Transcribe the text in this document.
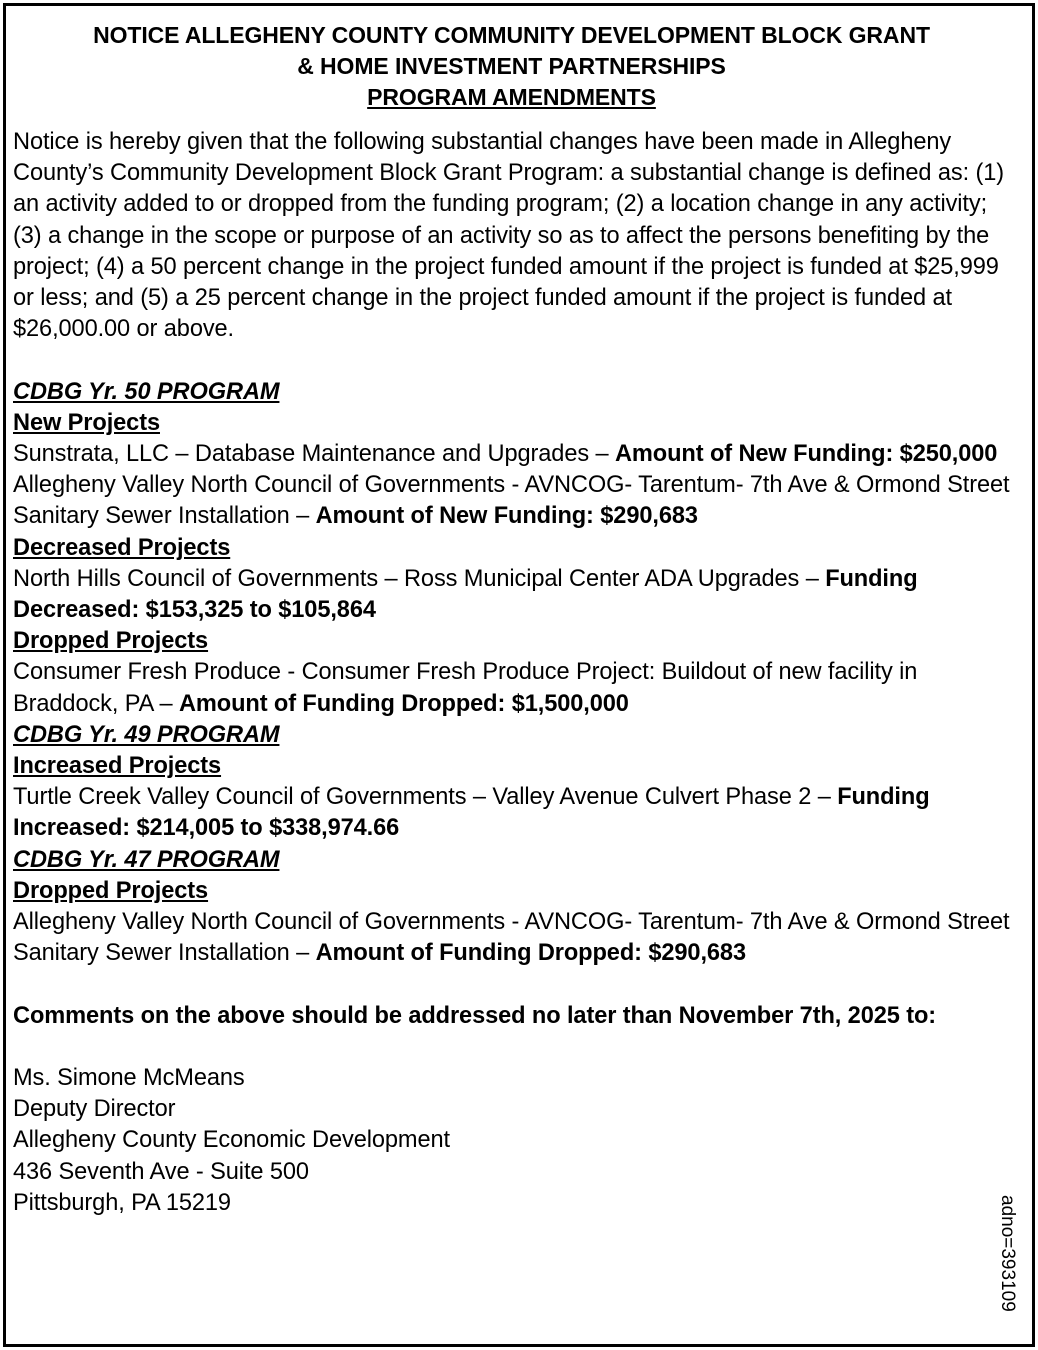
NOTICE ALLEGHENY COUNTY COMMUNITY DEVELOPMENT BLOCK GRANT
& HOME INVESTMENT PARTNERSHIPS
PROGRAM AMENDMENTS

Notice is hereby given that the following substantial changes have been made in Allegheny County’s Community Development Block Grant Program: a substantial change is defined as: (1) an activity added to or dropped from the funding program; (2) a location change in any activity; (3) a change in the scope or purpose of an activity so as to affect the persons benefiting by the project; (4) a 50 percent change in the project funded amount if the project is funded at $25,999 or less; and (5) a 25 percent change in the project funded amount if the project is funded at $26,000.00 or above.

CDBG Yr. 50 PROGRAM
New Projects

Sunstrata, LLC – Database Maintenance and Upgrades – Amount of New Funding: $250,000

Allegheny Valley North Council of Governments - AVNCOG- Tarentum- 7th Ave & Ormond Street Sanitary Sewer Installation – Amount of New Funding: $290,683

Decreased Projects

North Hills Council of Governments – Ross Municipal Center ADA Upgrades – Funding Decreased: $153,325 to $105,864

Dropped Projects

Consumer Fresh Produce - Consumer Fresh Produce Project: Buildout of new facility in Braddock, PA – Amount of Funding Dropped: $1,500,000

CDBG Yr. 49 PROGRAM
Increased Projects

Turtle Creek Valley Council of Governments – Valley Avenue Culvert Phase 2 – Funding Increased: $214,005 to $338,974.66

CDBG Yr. 47 PROGRAM
Dropped Projects

Allegheny Valley North Council of Governments - AVNCOG- Tarentum- 7th Ave & Ormond Street Sanitary Sewer Installation – Amount of Funding Dropped: $290,683

Comments on the above should be addressed no later than November 7th, 2025 to:

Ms. Simone McMeans
Deputy Director
Allegheny County Economic Development
436 Seventh Ave - Suite 500
Pittsburgh, PA 15219	adno=393109
